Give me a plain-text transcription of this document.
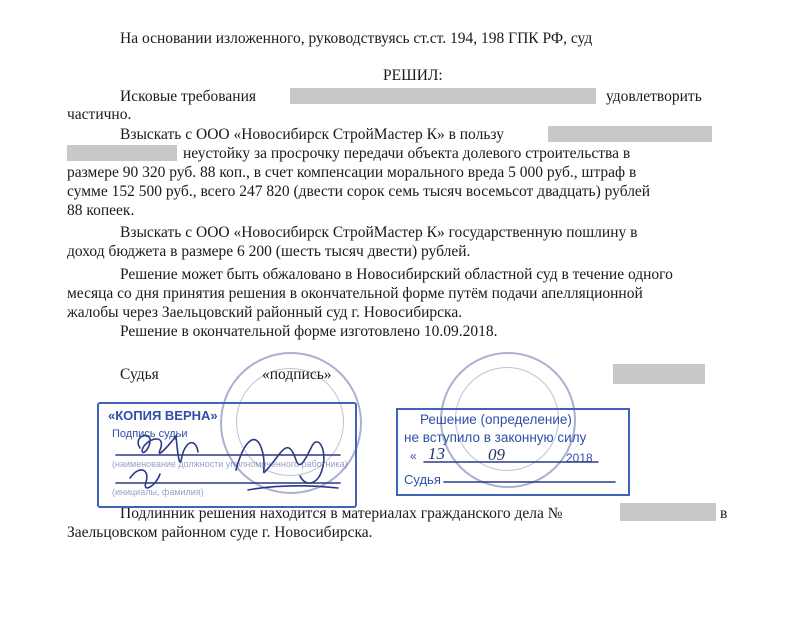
На основании изложенного, руководствуясь ст.ст. 194, 198 ГПК РФ, суд
РЕШИЛ:
Исковые требования	удовлетворить
частично.
Взыскать с ООО «Новосибирск СтройМастер К» в пользу
неустойку за просрочку передачи объекта долевого строительства в
размере 90 320 руб. 88 коп., в счет компенсации морального вреда 5 000 руб., штраф в
сумме 152 500 руб., всего 247 820 (двести сорок семь тысяч восемьсот двадцать) рублей
88 копеек.
Взыскать с ООО «Новосибирск СтройМастер К» государственную пошлину в
доход бюджета в размере 6 200 (шесть тысяч двести) рублей.
Решение может быть обжаловано в Новосибирский областной суд в течение одного
месяца со дня принятия решения в окончательной форме путём подачи апелляционной
жалобы через Заельцовский районный суд г. Новосибирска.
Решение в окончательной форме изготовлено 10.09.2018.
Судья	«подпись»
Подлинник решения находится в материалах гражданского дела №	в
Заельцовском районном суде г. Новосибирска.
«КОПИЯ ВЕРНА»
Подпись судьи
Решение (определение)
не вступило в законную силу
« 13	09	2018
Судья
(наименование должности уполномоченного работника)
(инициалы, фамилия)
